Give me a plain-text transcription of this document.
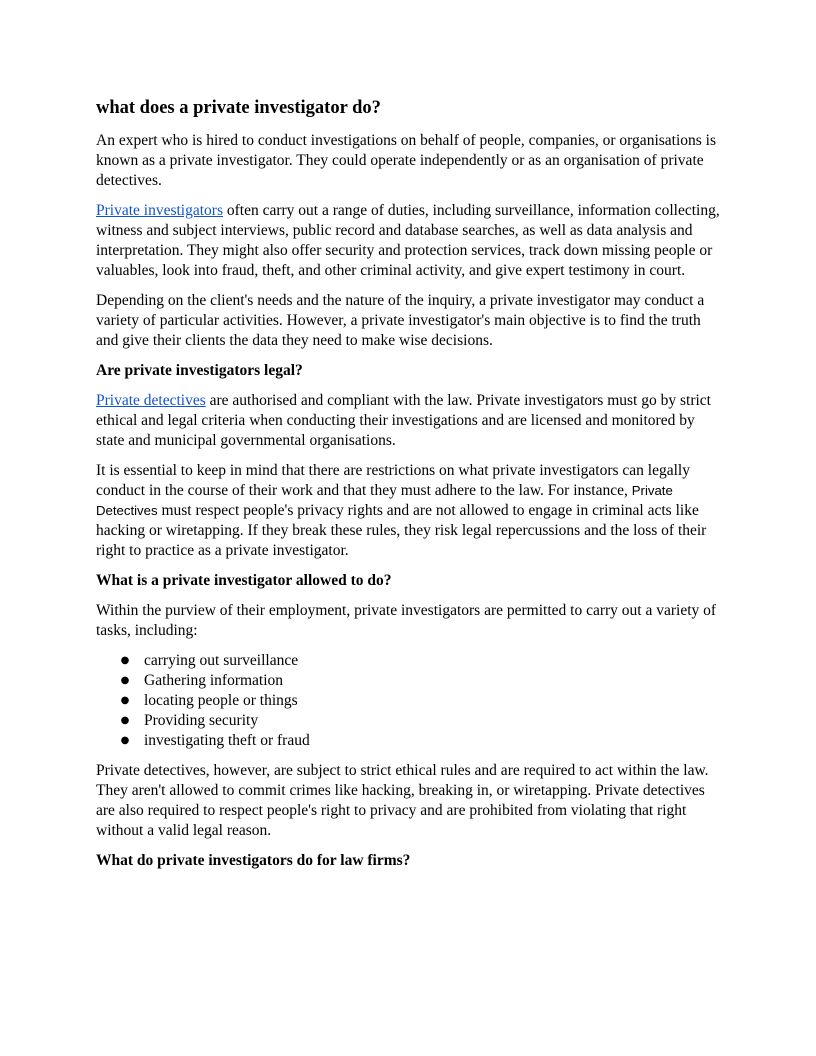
what does a private investigator do?

An expert who is hired to conduct investigations on behalf of people, companies, or organisations is known as a private investigator. They could operate independently or as an organisation of private detectives.

Private investigators often carry out a range of duties, including surveillance, information collecting, witness and subject interviews, public record and database searches, as well as data analysis and interpretation. They might also offer security and protection services, track down missing people or valuables, look into fraud, theft, and other criminal activity, and give expert testimony in court.

Depending on the client's needs and the nature of the inquiry, a private investigator may conduct a variety of particular activities. However, a private investigator's main objective is to find the truth and give their clients the data they need to make wise decisions.

Are private investigators legal?

Private detectives are authorised and compliant with the law. Private investigators must go by strict ethical and legal criteria when conducting their investigations and are licensed and monitored by state and municipal governmental organisations.

It is essential to keep in mind that there are restrictions on what private investigators can legally conduct in the course of their work and that they must adhere to the law. For instance, Private Detectives must respect people's privacy rights and are not allowed to engage in criminal acts like hacking or wiretapping. If they break these rules, they risk legal repercussions and the loss of their right to practice as a private investigator.

What is a private investigator allowed to do?

Within the purview of their employment, private investigators are permitted to carry out a variety of tasks, including:

● carrying out surveillance
● Gathering information
● locating people or things
● Providing security
● investigating theft or fraud

Private detectives, however, are subject to strict ethical rules and are required to act within the law. They aren't allowed to commit crimes like hacking, breaking in, or wiretapping. Private detectives are also required to respect people's right to privacy and are prohibited from violating that right without a valid legal reason.

What do private investigators do for law firms?
